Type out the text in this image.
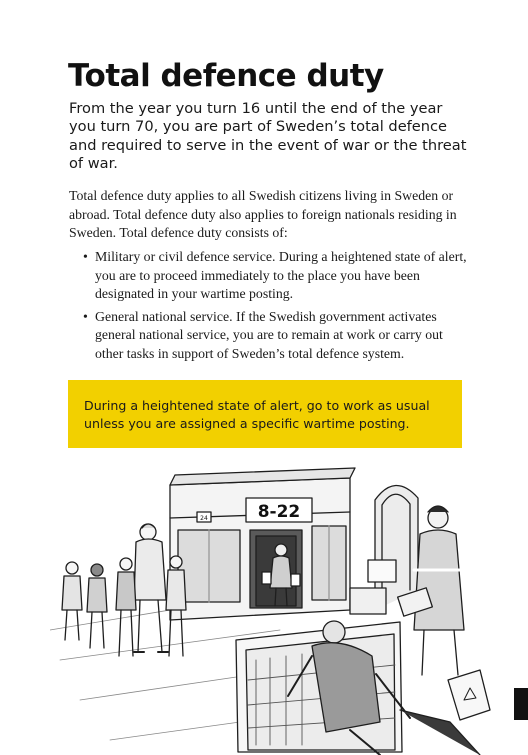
Total defence duty

From the year you turn 16 until the end of the year you turn 70, you are part of Sweden’s total defence and required to serve in the event of war or the threat of war.

Total defence duty applies to all Swedish citizens living in Sweden or abroad. Total defence duty also applies to foreign nationals residing in Sweden. Total defence duty consists of:

• Military or civil defence service. During a heightened state of alert, you are to proceed immediately to the place you have been designated in your wartime posting.
• General national service. If the Swedish government activates general national service, you are to remain at work or carry out other tasks in support of Sweden’s total defence system.

During a heightened state of alert, go to work as usual unless you are assigned a specific wartime posting.

8-22
24
